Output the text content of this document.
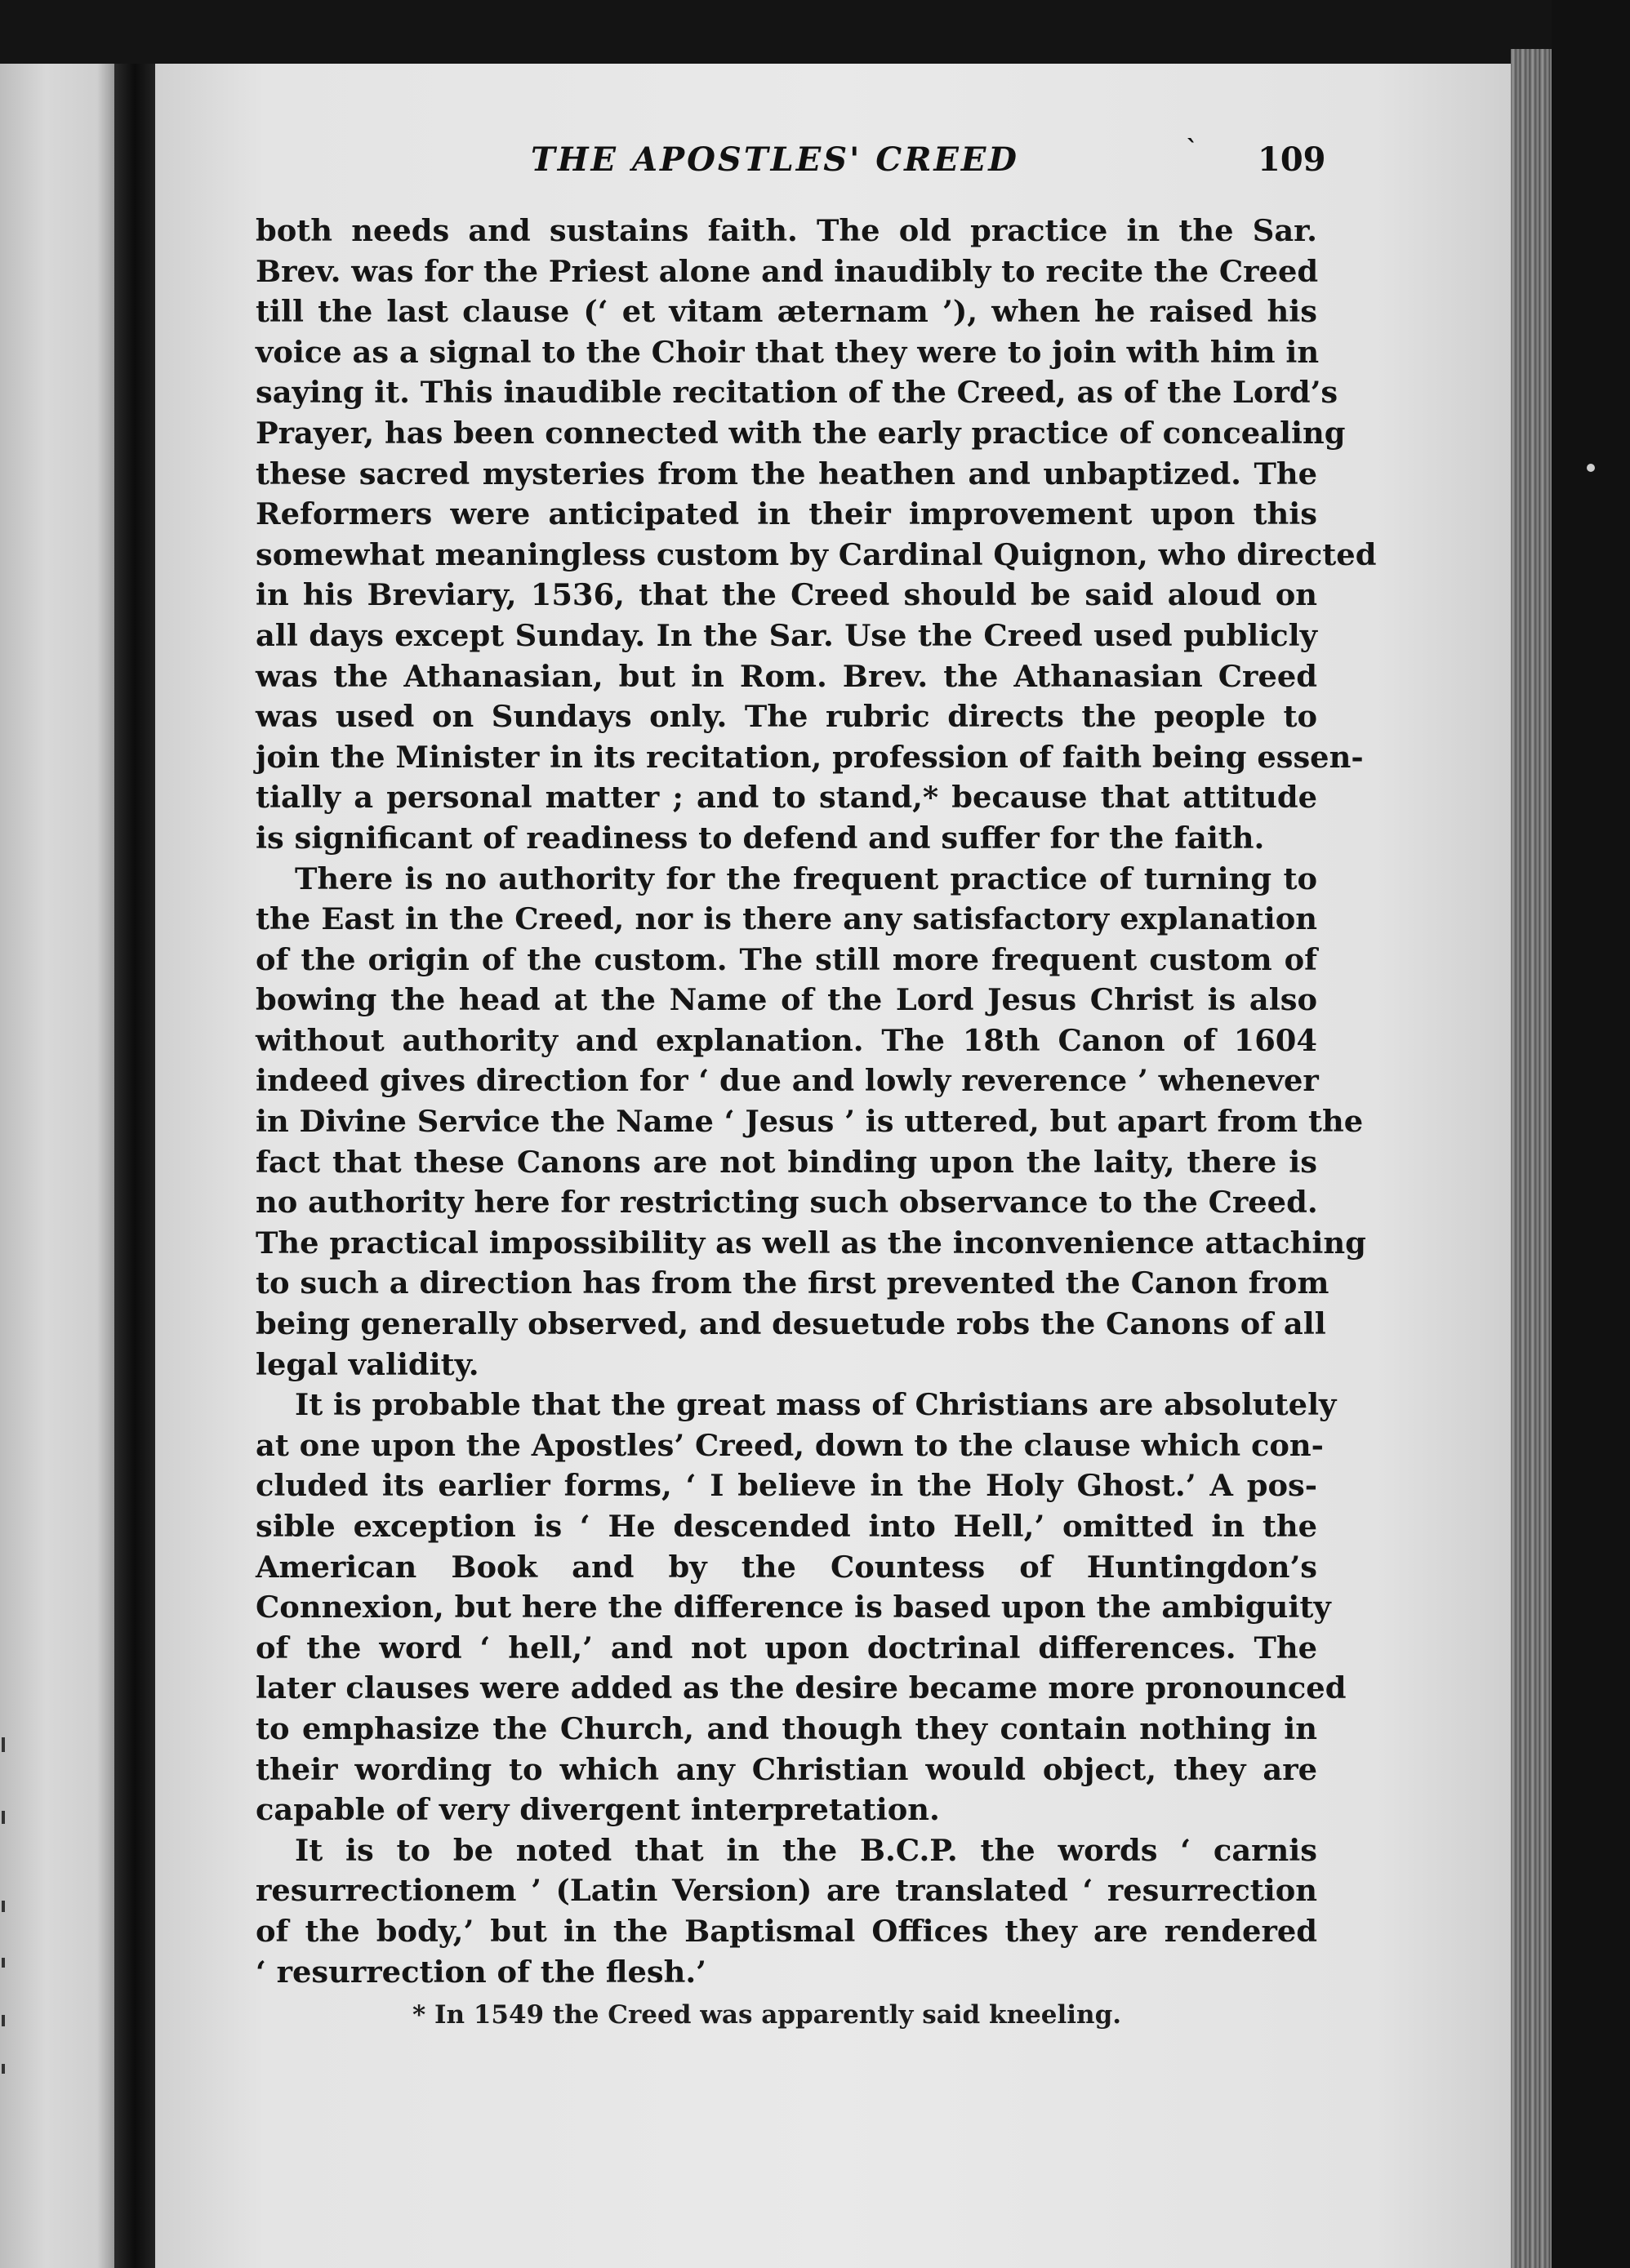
THE APOSTLES' CREED	ˋ 109
both needs and sustains faith. The old practice in the Sar.
Brev. was for the Priest alone and inaudibly to recite the Creed
till the last clause (‘ et vitam æternam ’), when he raised his
voice as a signal to the Choir that they were to join with him in
saying it. This inaudible recitation of the Creed, as of the Lord’s
Prayer, has been connected with the early practice of concealing
these sacred mysteries from the heathen and unbaptized. The
Reformers were anticipated in their improvement upon this
somewhat meaningless custom by Cardinal Quignon, who directed
in his Breviary, 1536, that the Creed should be said aloud on
all days except Sunday. In the Sar. Use the Creed used publicly
was the Athanasian, but in Rom. Brev. the Athanasian Creed
was used on Sundays only. The rubric directs the people to
join the Minister in its recitation, profession of faith being essen-
tially a personal matter ; and to stand,* because that attitude
is significant of readiness to defend and suffer for the faith.
There is no authority for the frequent practice of turning to
the East in the Creed, nor is there any satisfactory explanation
of the origin of the custom. The still more frequent custom of
bowing the head at the Name of the Lord Jesus Christ is also
without authority and explanation. The 18th Canon of 1604
indeed gives direction for ‘ due and lowly reverence ’ whenever
in Divine Service the Name ‘ Jesus ’ is uttered, but apart from the
fact that these Canons are not binding upon the laity, there is
no authority here for restricting such observance to the Creed.
The practical impossibility as well as the inconvenience attaching
to such a direction has from the first prevented the Canon from
being generally observed, and desuetude robs the Canons of all
legal validity.
It is probable that the great mass of Christians are absolutely
at one upon the Apostles’ Creed, down to the clause which con-
cluded its earlier forms, ‘ I believe in the Holy Ghost.’ A pos-
sible exception is ‘ He descended into Hell,’ omitted in the
American Book and by the Countess of Huntingdon’s
Connexion, but here the difference is based upon the ambiguity
of the word ‘ hell,’ and not upon doctrinal differences. The
later clauses were added as the desire became more pronounced
to emphasize the Church, and though they contain nothing in
their wording to which any Christian would object, they are
capable of very divergent interpretation.
It is to be noted that in the B.C.P. the words ‘ carnis
resurrectionem ’ (Latin Version) are translated ‘ resurrection
of the body,’ but in the Baptismal Offices they are rendered
‘ resurrection of the flesh.’
* In 1549 the Creed was apparently said kneeling.
